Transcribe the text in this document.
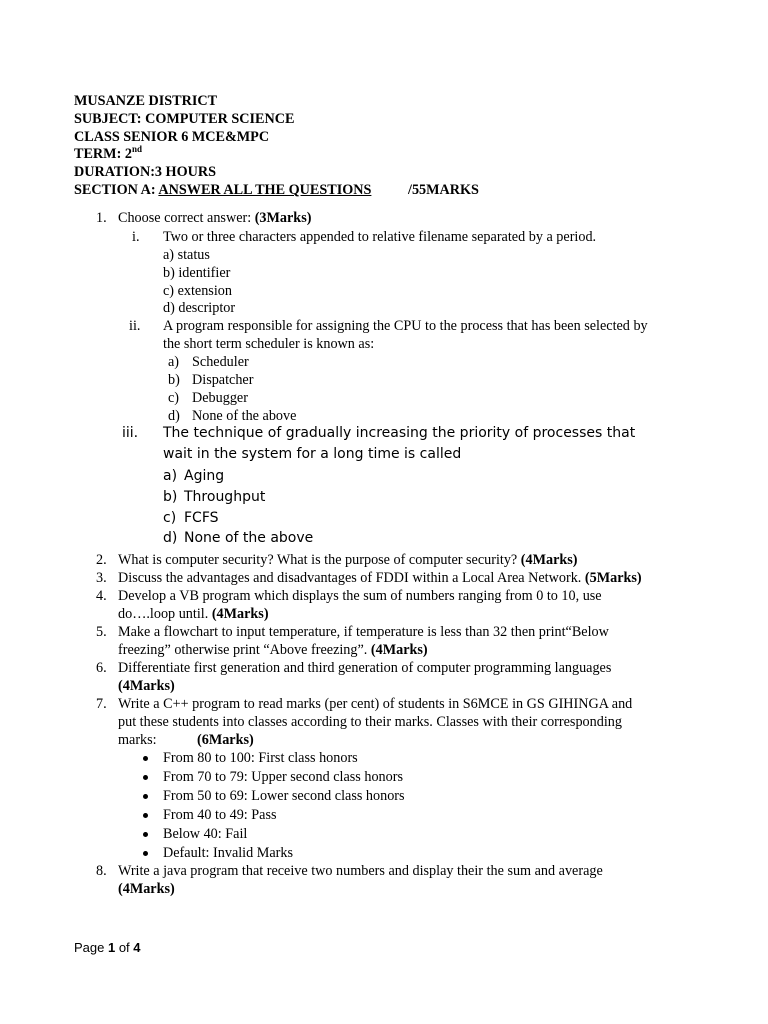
MUSANZE DISTRICT
SUBJECT: COMPUTER SCIENCE
CLASS SENIOR 6 MCE&MPC
TERM: 2nd
DURATION:3 HOURS
SECTION A: ANSWER ALL THE QUESTIONS	/55MARKS
1. Choose correct answer: (3Marks)
i. Two or three characters appended to relative filename separated by a period.
a) status
b) identifier
c) extension
d) descriptor
ii. A program responsible for assigning the CPU to the process that has been selected by
the short term scheduler is known as:
a) Scheduler
b) Dispatcher
c) Debugger
d) None of the above
iii. The technique of gradually increasing the priority of processes that
wait in the system for a long time is called
a) Aging
b) Throughput
c) FCFS
d) None of the above
2. What is computer security? What is the purpose of computer security? (4Marks)
3. Discuss the advantages and disadvantages of FDDI within a Local Area Network. (5Marks)
4. Develop a VB program which displays the sum of numbers ranging from 0 to 10, use
do….loop until. (4Marks)
5. Make a flowchart to input temperature, if temperature is less than 32 then print“Below
freezing” otherwise print “Above freezing”. (4Marks)
6. Differentiate first generation and third generation of computer programming languages
(4Marks)
7. Write a C++ program to read marks (per cent) of students in S6MCE in GS GIHINGA and
put these students into classes according to their marks. Classes with their corresponding
marks:	(6Marks)
From 80 to 100: First class honors
From 70 to 79: Upper second class honors
From 50 to 69: Lower second class honors
From 40 to 49: Pass
Below 40: Fail
Default: Invalid Marks
8. Write a java program that receive two numbers and display their the sum and average
(4Marks)
Page 1 of 4
